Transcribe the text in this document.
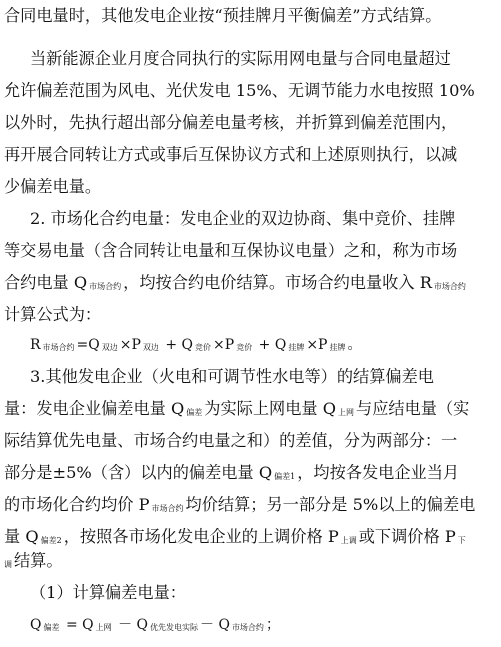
合同电量时，其他发电企业按“预挂牌月平衡偏差”方式结算。
当新能源企业月度合同执行的实际用网电量与合同电量超过
允许偏差范围为风电、光伏发电 15%、无调节能力水电按照 10%
以外时，先执行超出部分偏差电量考核，并折算到偏差范围内，
再开展合同转让方式或事后互保协议方式和上述原则执行，以减
少偏差电量。
2. 市场化合约电量：发电企业的双边协商、集中竞价、挂牌
等交易电量（含合同转让电量和互保协议电量）之和，称为市场
合约电量 Q $_{市场合约}$ ，均按合约电价结算。市场合约电量收入 R $_{市场合约}$
计算公式为：
R $_{市场合约}$ =Q $_{双边}$ ×P $_{双边}$ + Q $_{竞价}$ ×P $_{竞价}$ + Q $_{挂牌}$ ×P $_{挂牌}$ 。
3.其他发电企业（火电和可调节性水电等）的结算偏差电
量：发电企业偏差电量 Q $_{偏差}$ 为实际上网电量 Q $_{上网}$ 与应结电量（实
际结算优先电量、市场合约电量之和）的差值，分为两部分：一
部分是±5%（含）以内的偏差电量 Q $_{偏差1}$ ，均按各发电企业当月
的市场化合约均价 P $_{市场合约}$ 均价结算；另一部分是 5%以上的偏差电
量 Q $_{偏差2}$ ，按照各市场化发电企业的上调价格 P $_{上调}$ 或下调价格 P $_下$
$_调$ 结算。
（1）计算偏差电量：
Q $_{偏差}$ = Q $_{上网}$ － Q $_{优先发电实际}$ － Q $_{市场合约}$ ；
